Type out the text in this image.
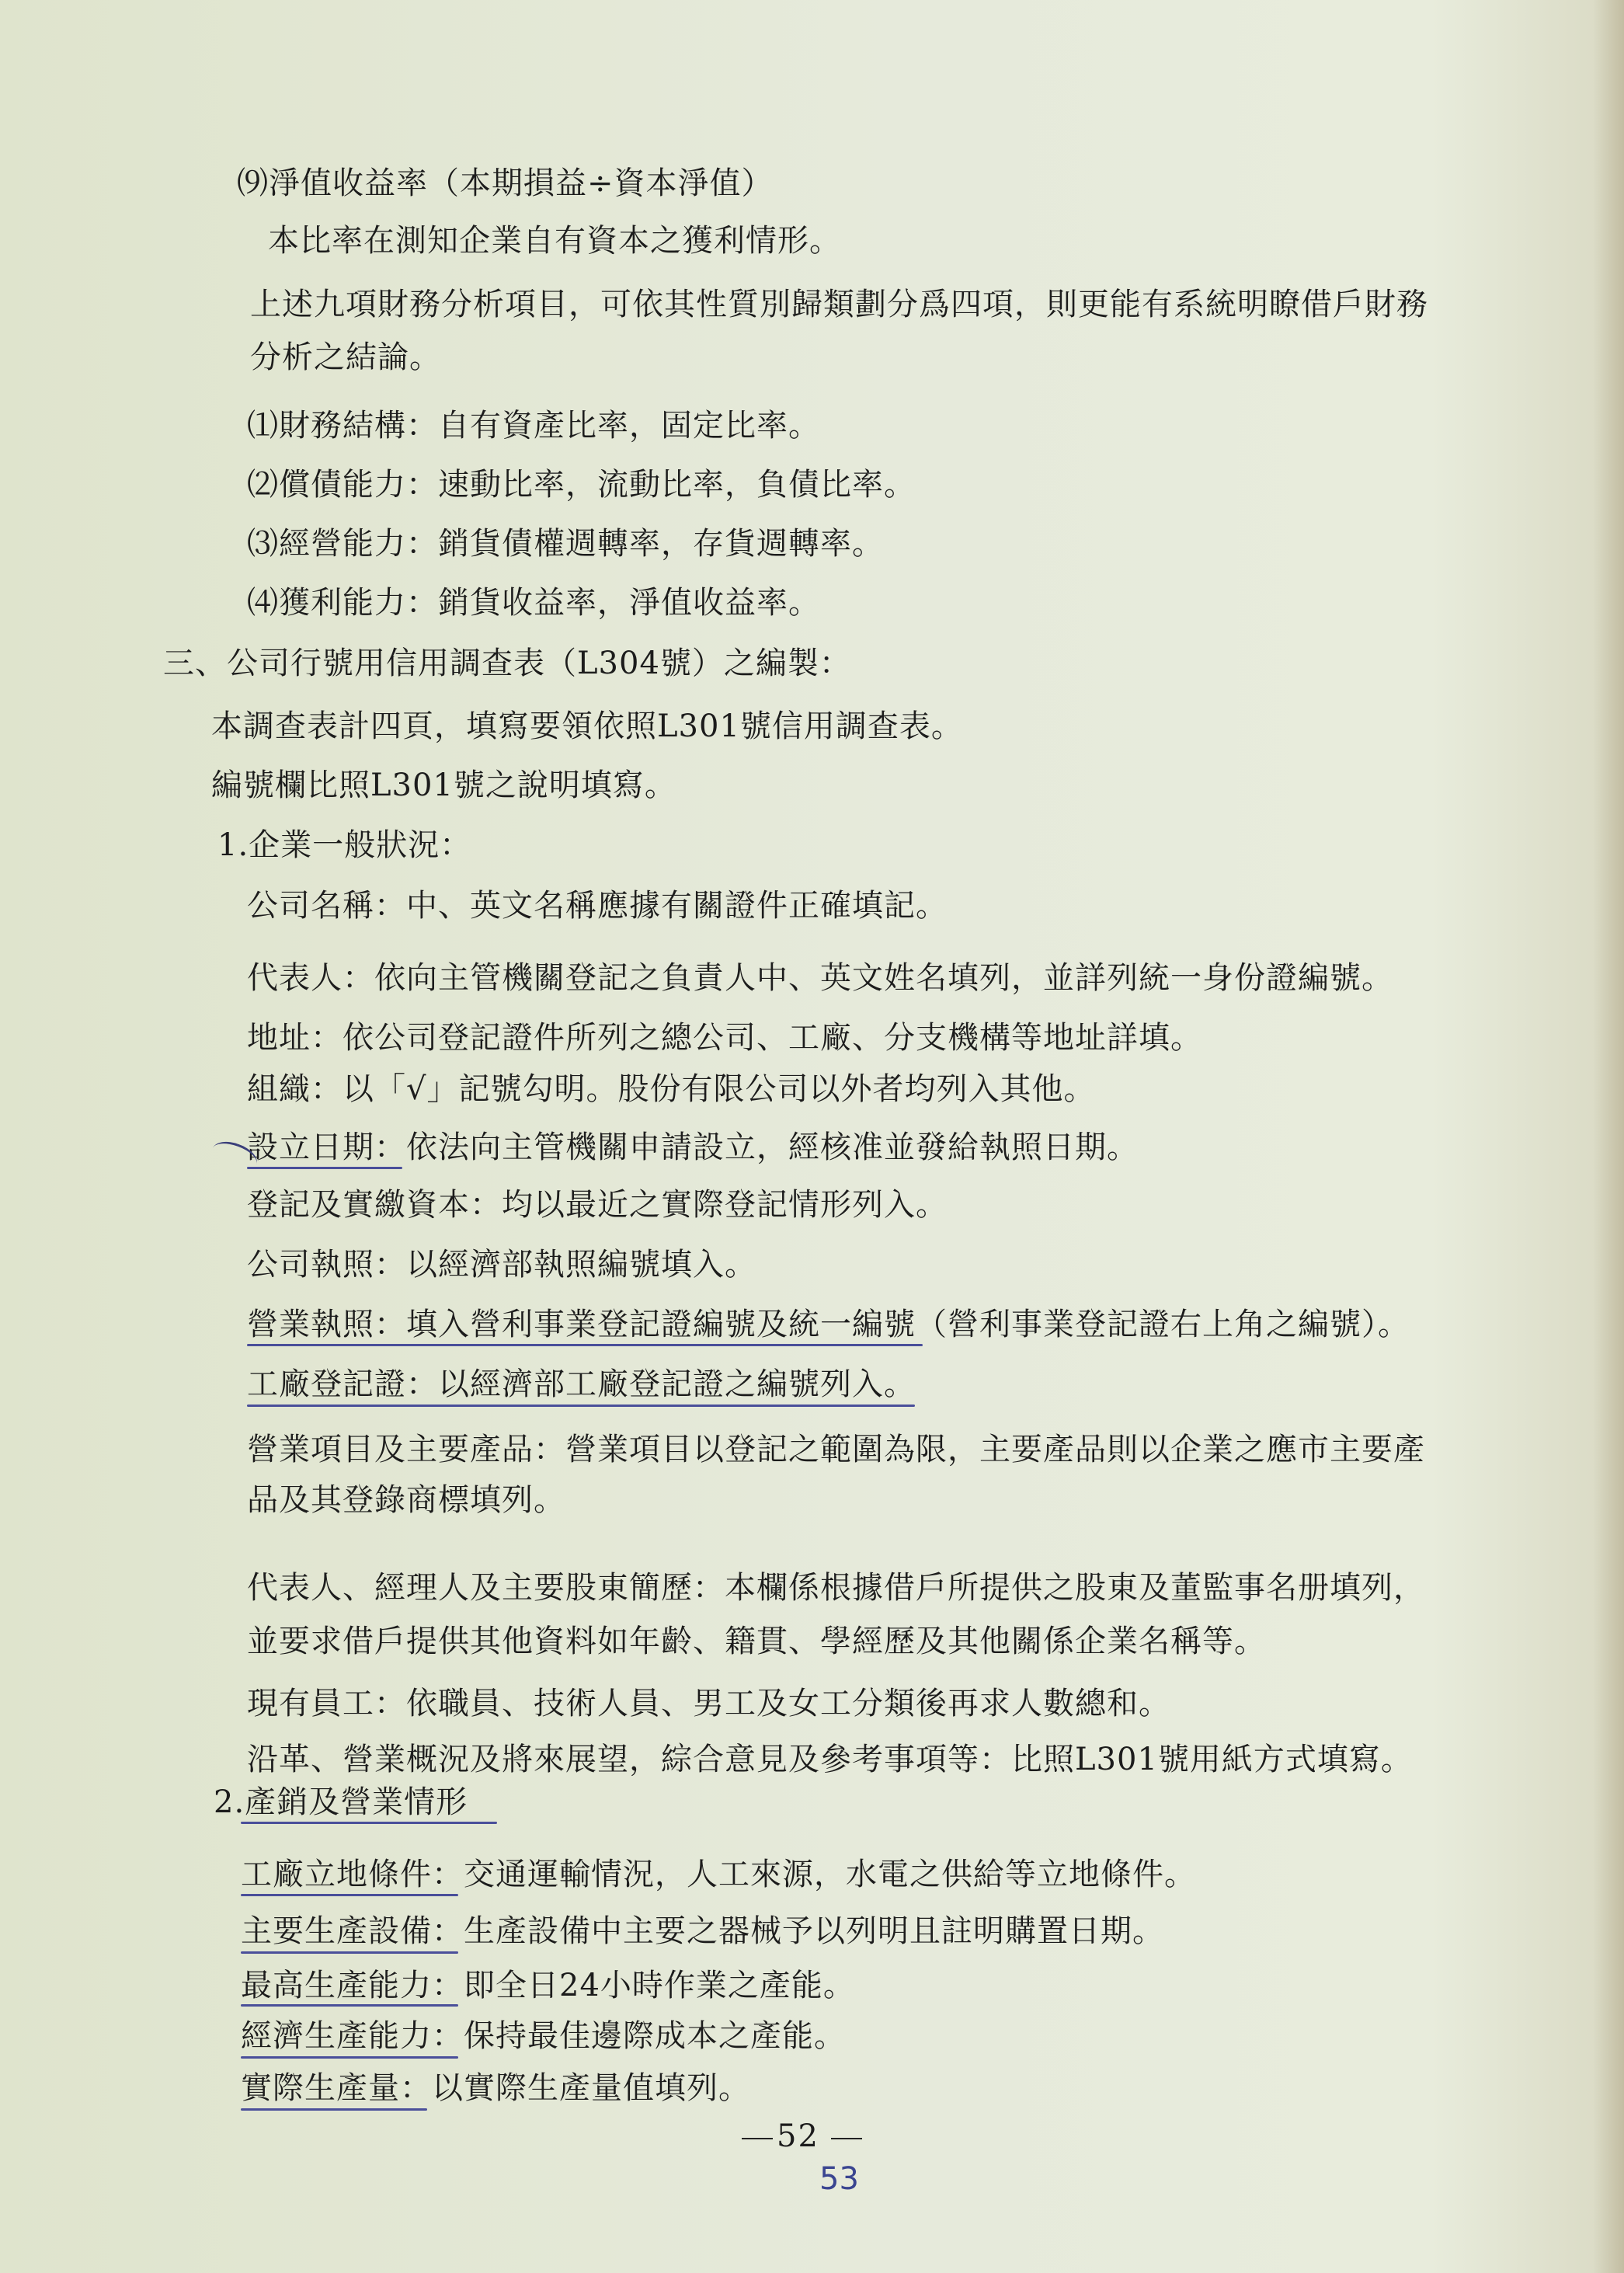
⑼淨值收益率（本期損益÷資本淨值）
本比率在測知企業自有資本之獲利情形。
上述九項財務分析項目，可依其性質別歸類劃分爲四項，則更能有系統明瞭借戶財務
分析之結論。
⑴財務結構：自有資產比率，固定比率。
⑵償債能力：速動比率，流動比率，負債比率。
⑶經營能力：銷貨債權週轉率，存貨週轉率。
⑷獲利能力：銷貨收益率，淨值收益率。
三、公司行號用信用調查表（L304號）之編製：
本調查表計四頁，填寫要領依照L301號信用調查表。
編號欄比照L301號之說明填寫。
1.企業一般狀況：
公司名稱：中、英文名稱應據有關證件正確填記。
代表人：依向主管機關登記之負責人中、英文姓名填列，並詳列統一身份證編號。
地址：依公司登記證件所列之總公司、工廠、分支機構等地址詳填。
組織：以「√」記號勾明。股份有限公司以外者均列入其他。
設立日期：依法向主管機關申請設立，經核准並發給執照日期。
登記及實繳資本：均以最近之實際登記情形列入。
公司執照：以經濟部執照編號填入。
營業執照：填入營利事業登記證編號及統一編號（營利事業登記證右上角之編號）。
工廠登記證：以經濟部工廠登記證之編號列入。
營業項目及主要產品：營業項目以登記之範圍為限，主要產品則以企業之應市主要產
品及其登錄商標填列。
代表人、經理人及主要股東簡歷：本欄係根據借戶所提供之股東及董監事名册填列，
並要求借戶提供其他資料如年齡、籍貫、學經歷及其他關係企業名稱等。
現有員工：依職員、技術人員、男工及女工分類後再求人數總和。
沿革、營業概況及將來展望，綜合意見及參考事項等：比照L301號用紙方式填寫。
2.產銷及營業情形
工廠立地條件：交通運輸情況，人工來源，水電之供給等立地條件。
主要生產設備：生產設備中主要之器械予以列明且註明購置日期。
最高生產能力：即全日24小時作業之產能。
經濟生產能力：保持最佳邊際成本之產能。
實際生產量：以實際生產量值填列。
52
53
